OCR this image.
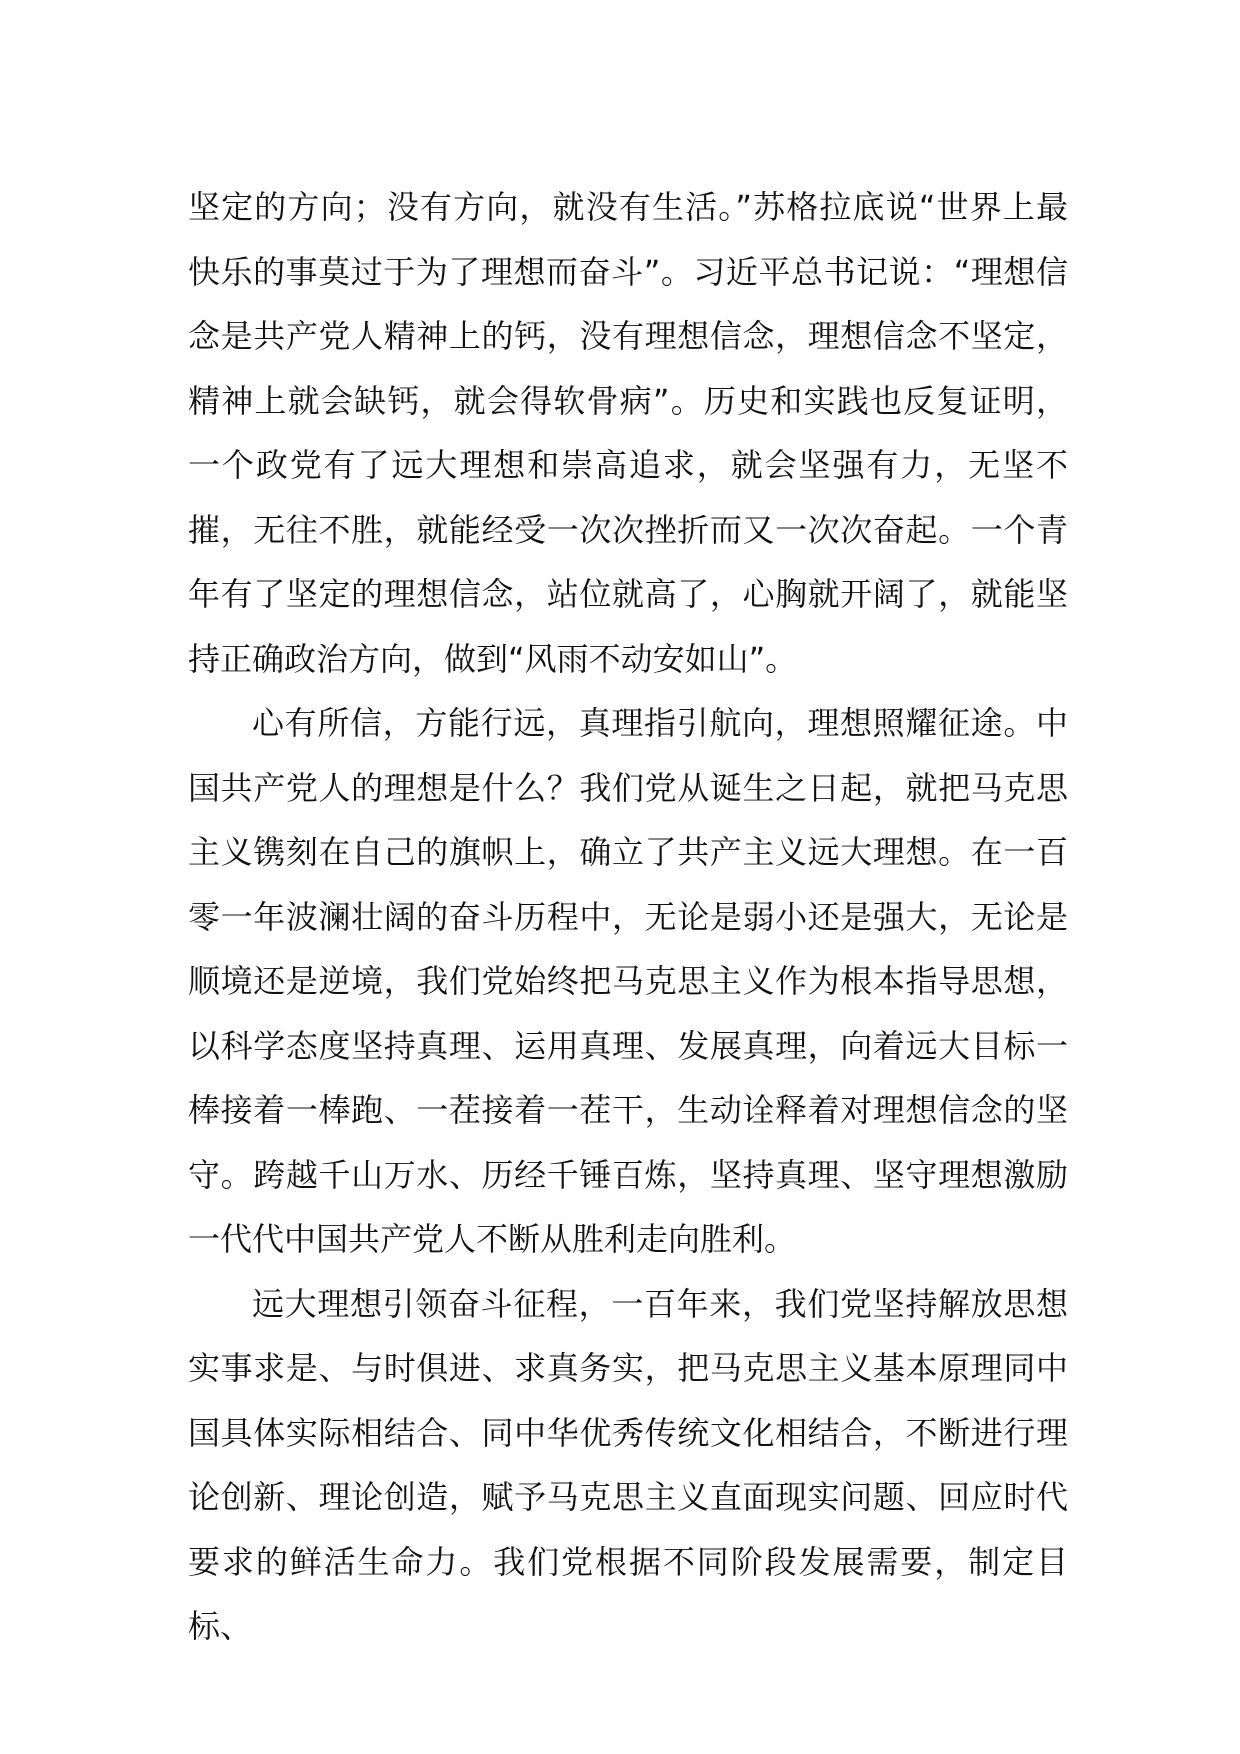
坚定的方向；没有方向，就没有生活。”苏格拉底说“世界上最快乐的事莫过于为了理想而奋斗”。习近平总书记说：“理想信念是共产党人精神上的钙，没有理想信念，理想信念不坚定，精神上就会缺钙，就会得软骨病”。历史和实践也反复证明，一个政党有了远大理想和崇高追求，就会坚强有力，无坚不摧，无往不胜，就能经受一次次挫折而又一次次奋起。一个青年有了坚定的理想信念，站位就高了，心胸就开阔了，就能坚持正确政治方向，做到“风雨不动安如山”。

心有所信，方能行远，真理指引航向，理想照耀征途。中国共产党人的理想是什么？我们党从诞生之日起，就把马克思主义镌刻在自己的旗帜上，确立了共产主义远大理想。在一百零一年波澜壮阔的奋斗历程中，无论是弱小还是强大，无论是顺境还是逆境，我们党始终把马克思主义作为根本指导思想，以科学态度坚持真理、运用真理、发展真理，向着远大目标一棒接着一棒跑、一茬接着一茬干，生动诠释着对理想信念的坚守。跨越千山万水、历经千锤百炼，坚持真理、坚守理想激励一代代中国共产党人不断从胜利走向胜利。

远大理想引领奋斗征程，一百年来，我们党坚持解放思想实事求是、与时俱进、求真务实，把马克思主义基本原理同中国具体实际相结合、同中华优秀传统文化相结合，不断进行理论创新、理论创造，赋予马克思主义直面现实问题、回应时代要求的鲜活生命力。我们党根据不同阶段发展需要，制定目标、
